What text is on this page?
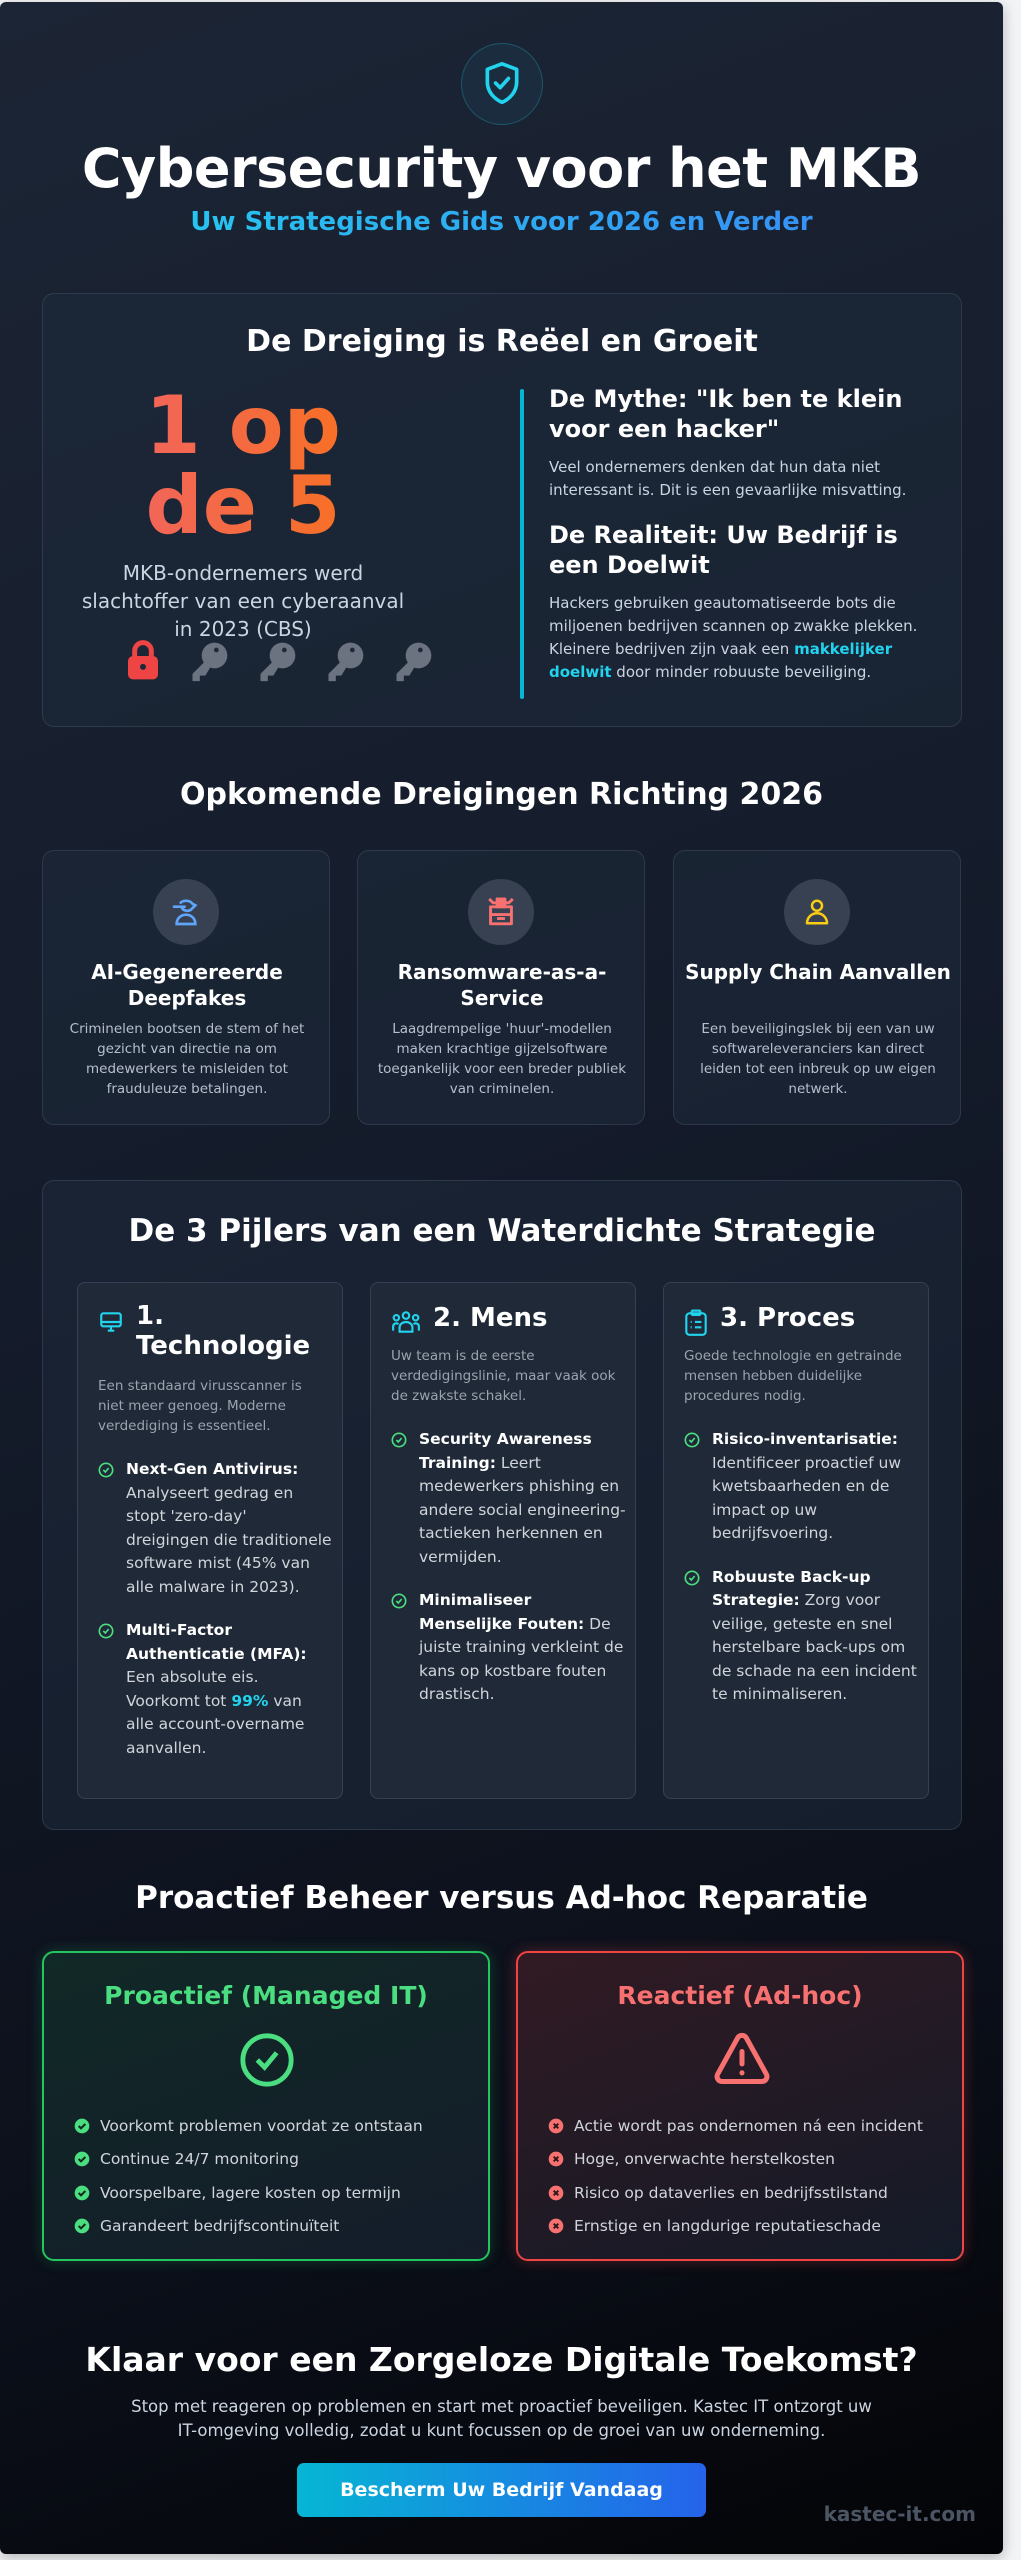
Cybersecurity voor het MKB
Uw Strategische Gids voor 2026 en Verder
De Dreiging is Reëel en Groeit
1 op de 5
MKB-ondernemers werd slachtoffer van een cyberaanval in 2023 (CBS)
De Mythe: "Ik ben te klein voor een hacker"

Veel ondernemers denken dat hun data niet interessant is. Dit is een gevaarlijke misvatting.

De Realiteit: Uw Bedrijf is een Doelwit

Hackers gebruiken geautomatiseerde bots die miljoenen bedrijven scannen op zwakke plekken. Kleinere bedrijven zijn vaak een makkelijker doelwit door minder robuuste beveiliging.

Opkomende Dreigingen Richting 2026
AI-Gegenereerde Deepfakes

Criminelen bootsen de stem of het gezicht van directie na om medewerkers te misleiden tot frauduleuze betalingen.

Ransomware-as-a-Service

Laagdrempelige 'huur'-modellen maken krachtige gijzelsoftware toegankelijk voor een breder publiek van criminelen.

Supply Chain Aanvallen

Een beveiligingslek bij een van uw softwareleveranciers kan direct leiden tot een inbreuk op uw eigen netwerk.

De 3 Pijlers van een Waterdichte Strategie
1. Technologie

Een standaard virusscanner is niet meer genoeg. Moderne verdediging is essentieel.

Next-Gen Antivirus: Analyseert gedrag en stopt 'zero-day' dreigingen die traditionele software mist (45% van alle malware in 2023).
Multi-Factor Authenticatie (MFA): Een absolute eis. Voorkomt tot 99% van alle account-overname aanvallen.
2. Mens

Uw team is de eerste verdedigingslinie, maar vaak ook de zwakste schakel.

Security Awareness Training: Leert medewerkers phishing en andere social engineering-tactieken herkennen en vermijden.
Minimaliseer Menselijke Fouten: De juiste training verkleint de kans op kostbare fouten drastisch.
3. Proces

Goede technologie en getrainde mensen hebben duidelijke procedures nodig.

Risico-inventarisatie: Identificeer proactief uw kwetsbaarheden en de impact op uw bedrijfsvoering.
Robuuste Back-up Strategie: Zorg voor veilige, geteste en snel herstelbare back-ups om de schade na een incident te minimaliseren.
Proactief Beheer versus Ad-hoc Reparatie
Proactief (Managed IT)
Voorkomt problemen voordat ze ontstaan
Continue 24/7 monitoring
Voorspelbare, lagere kosten op termijn
Garandeert bedrijfscontinuïteit
Reactief (Ad-hoc)
Actie wordt pas ondernomen ná een incident
Hoge, onverwachte herstelkosten
Risico op dataverlies en bedrijfsstilstand
Ernstige en langdurige reputatieschade
Klaar voor een Zorgeloze Digitale Toekomst?

Stop met reageren op problemen en start met proactief beveiligen. Kastec IT ontzorgt uw IT-omgeving volledig, zodat u kunt focussen op de groei van uw onderneming.

Bescherm Uw Bedrijf Vandaag
kastec-it.com
